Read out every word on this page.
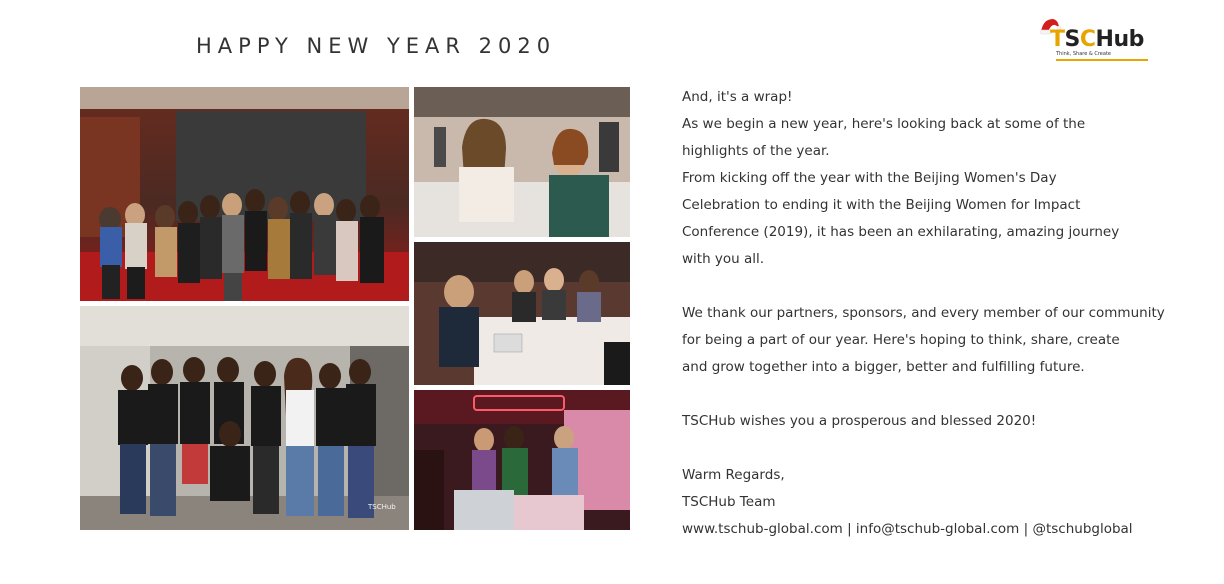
HAPPY NEW YEAR 2020	TSCHub
Think, Share & Create
TSCHub
And, it's a wrap!
As we begin a new year, here's looking back at some of the
highlights of the year.
From kicking off the year with the Beijing Women's Day
Celebration to ending it with the Beijing Women for Impact
Conference (2019), it has been an exhilarating, amazing journey
with you all.
We thank our partners, sponsors, and every member of our community
for being a part of our year. Here's hoping to think, share, create
and grow together into a bigger, better and fulfilling future.
TSCHub wishes you a prosperous and blessed 2020!
Warm Regards,
TSCHub Team
www.tschub-global.com | info@tschub-global.com | @tschubglobal
